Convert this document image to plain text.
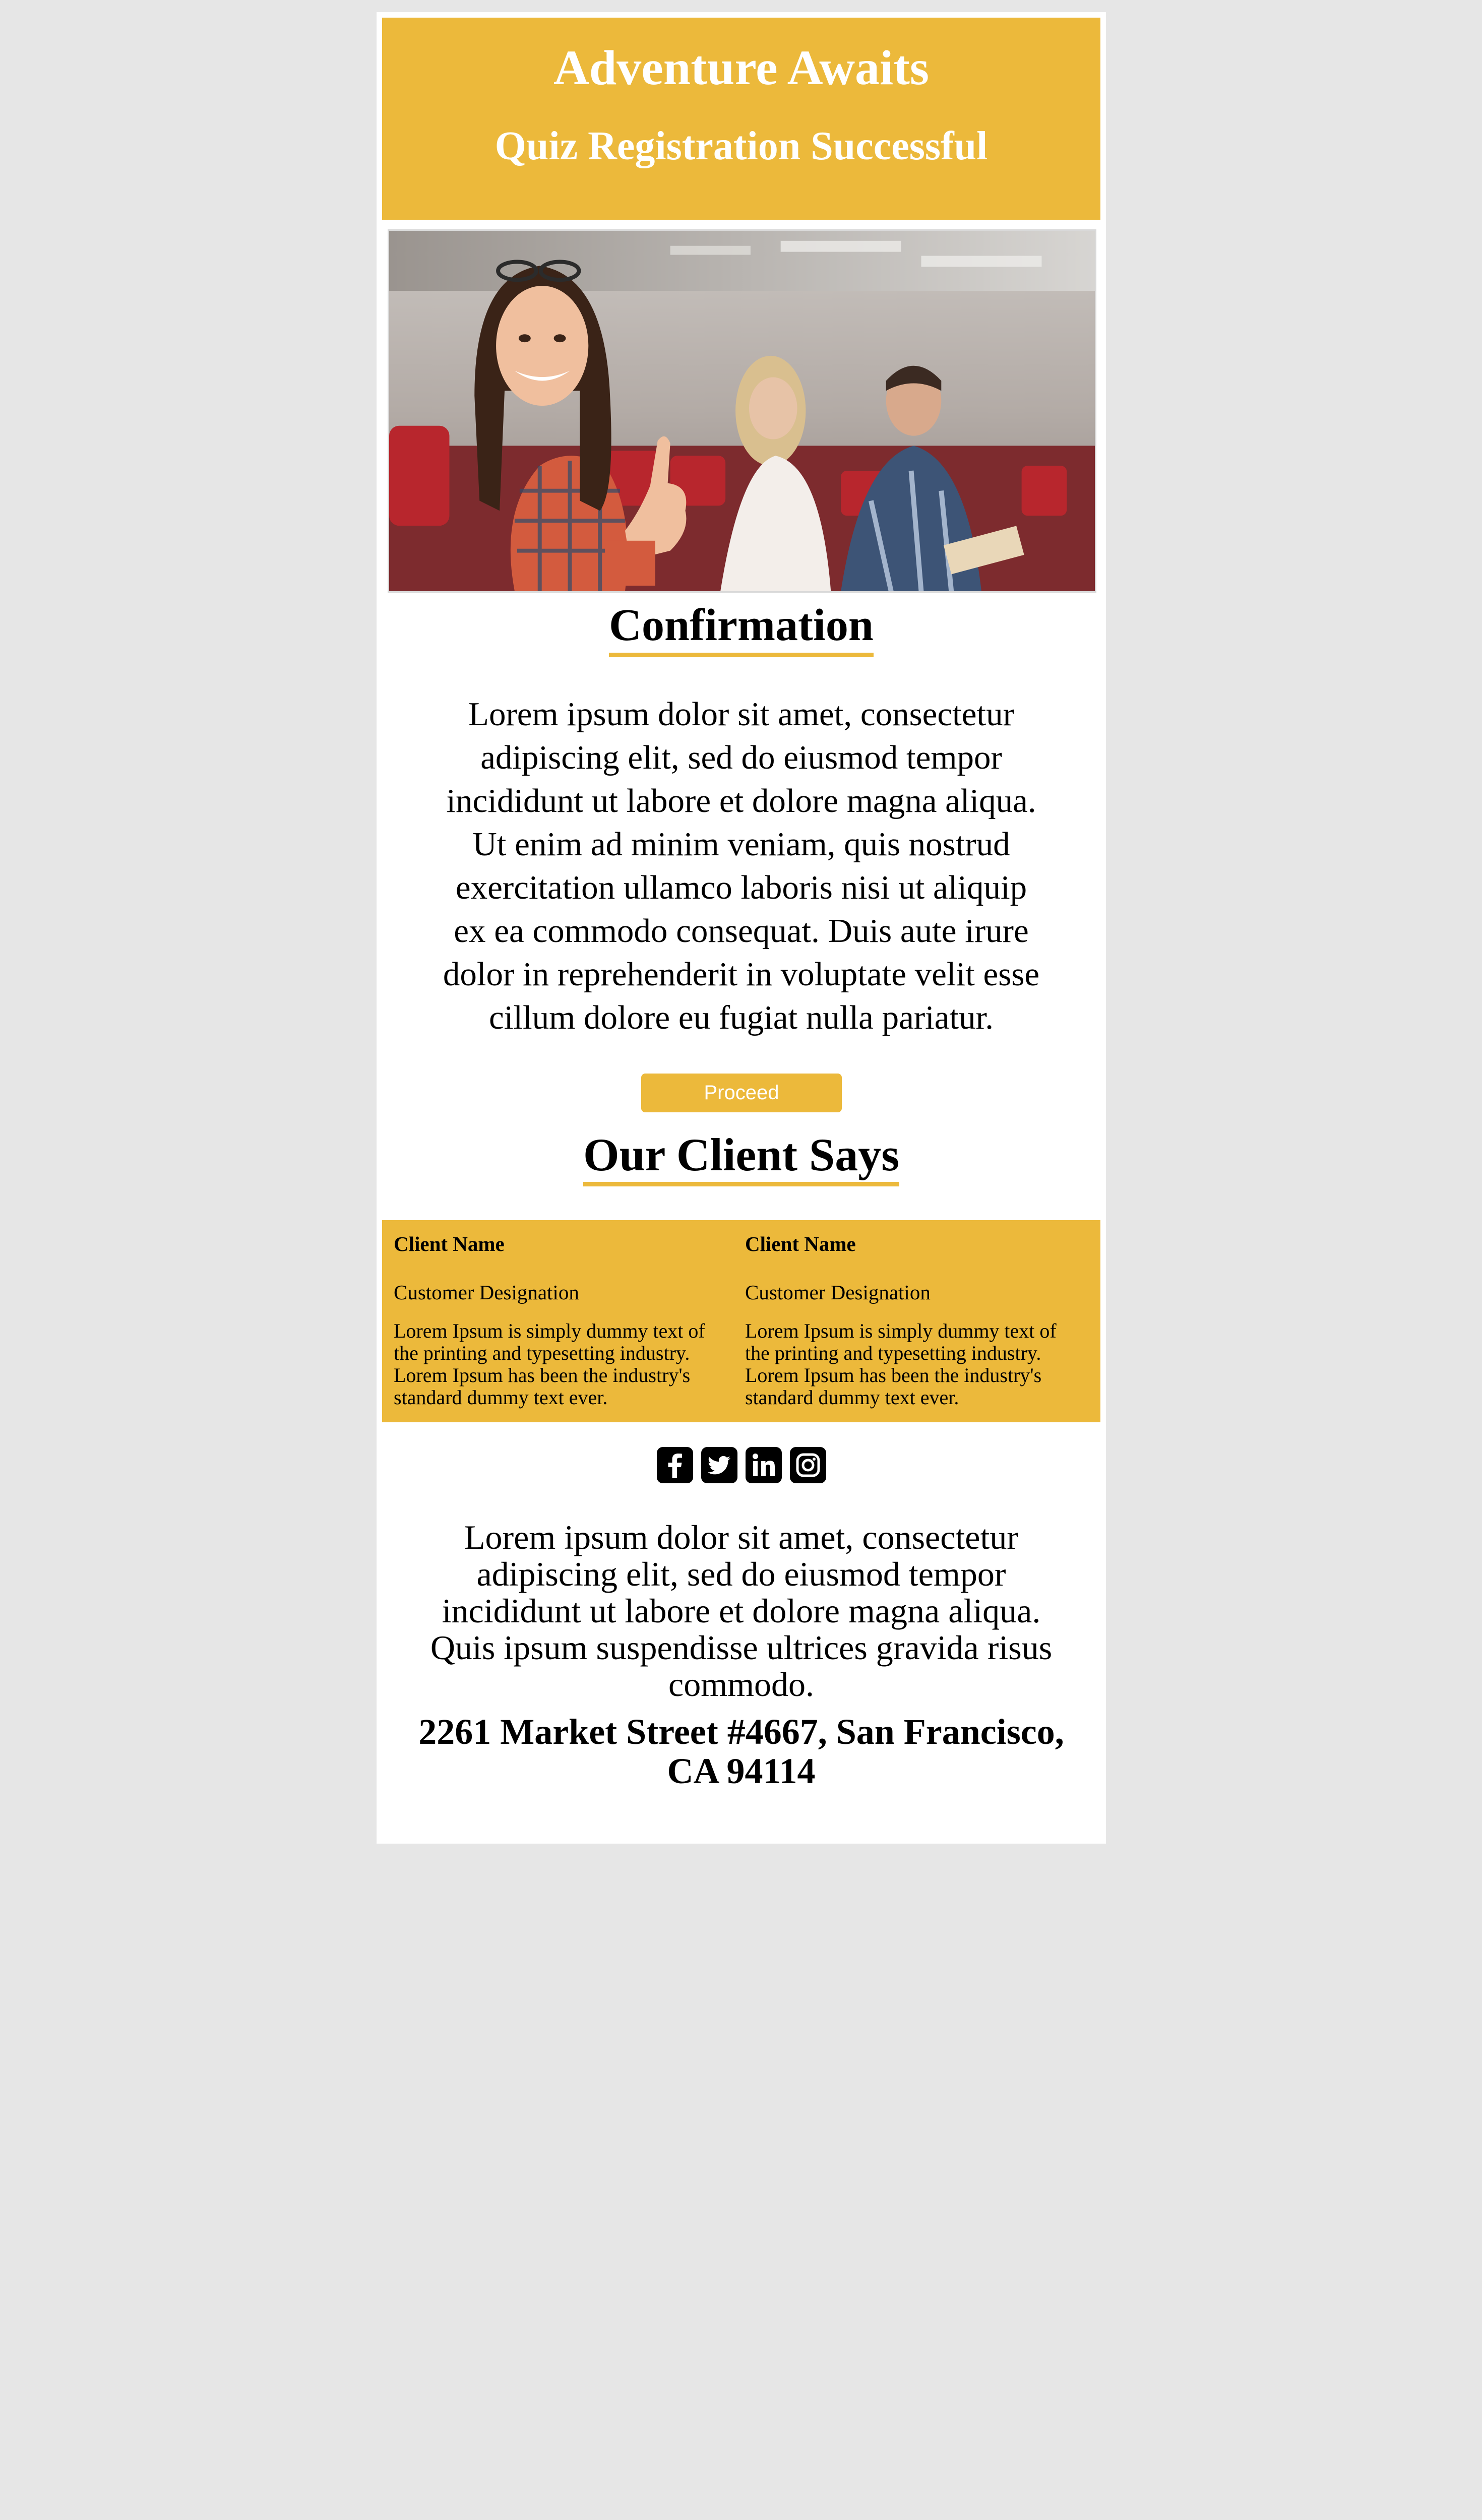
Adventure Awaits
Quiz Registration Successful
Confirmation

Lorem ipsum dolor sit amet, consectetur adipiscing elit, sed do eiusmod tempor incididunt ut labore et dolore magna aliqua. Ut enim ad minim veniam, quis nostrud exercitation ullamco laboris nisi ut aliquip ex ea commodo consequat. Duis aute irure dolor in reprehenderit in voluptate velit esse cillum dolore eu fugiat nulla pariatur.

Proceed
Our Client Says

Client Name

Customer Designation

Lorem Ipsum is simply dummy text of the printing and typesetting industry. Lorem Ipsum has been the industry's standard dummy text ever.

Client Name

Customer Designation

Lorem Ipsum is simply dummy text of the printing and typesetting industry. Lorem Ipsum has been the industry's standard dummy text ever.

Lorem ipsum dolor sit amet, consectetur adipiscing elit, sed do eiusmod tempor incididunt ut labore et dolore magna aliqua. Quis ipsum suspendisse ultrices gravida risus commodo.

2261 Market Street #4667, San Francisco, CA 94114
